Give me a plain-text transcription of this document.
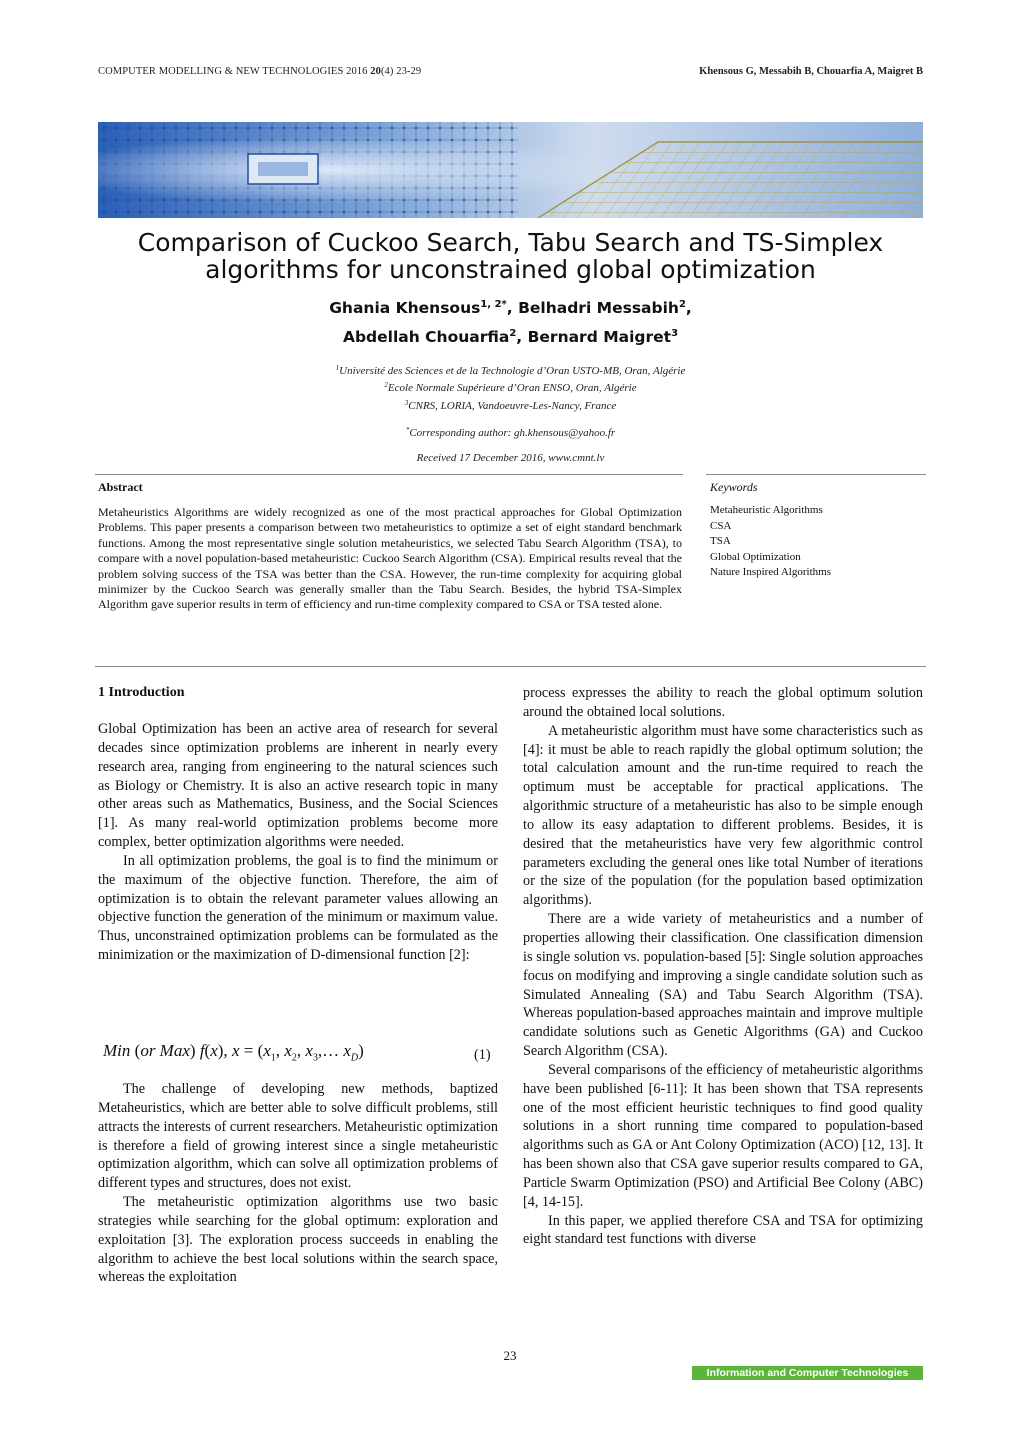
COMPUTER MODELLING & NEW TECHNOLOGIES 2016 20(4) 23-29	Khensous G, Messabih B, Chouarfia A, Maigret B
Comparison of Cuckoo Search, Tabu Search and TS-Simplex
algorithms for unconstrained global optimization
Ghania Khensous$^{1, 2*}$, Belhadri Messabih$^2$,
Abdellah Chouarfia$^2$, Bernard Maigret$^3$
$^1$Université des Sciences et de la Technologie d’Oran USTO-MB, Oran, Algérie
$^2$Ecole Normale Supérieure d’Oran ENSO, Oran, Algérie
$^3$CNRS, LORIA, Vandoeuvre-Les-Nancy, France
*Corresponding author: gh.khensous@yahoo.fr
Received 17 December 2016, www.cmnt.lv
Abstract
Metaheuristics Algorithms are widely recognized as one of the most practical approaches for Global Optimization Problems. This paper presents a comparison between two metaheuristics to optimize a set of eight standard benchmark functions. Among the most representative single solution metaheuristics, we selected Tabu Search Algorithm (TSA), to compare with a novel population-based metaheuristic: Cuckoo Search Algorithm (CSA). Empirical results reveal that the problem solving success of the TSA was better than the CSA. However, the run-time complexity for acquiring global minimizer by the Cuckoo Search was generally smaller than the Tabu Search. Besides, the hybrid TSA-Simplex Algorithm gave superior results in term of efficiency and run-time complexity compared to CSA or TSA tested alone.
Keywords
Metaheuristic Algorithms
CSA
TSA
Global Optimization
Nature Inspired Algorithms
1 Introduction

Global Optimization has been an active area of research for several decades since optimization problems are inherent in nearly every research area, ranging from engineering to the natural sciences such as Biology or Chemistry. It is also an active research topic in many other areas such as Mathematics, Business, and the Social Sciences [1]. As many real-world optimization problems become more complex, better optimization algorithms were needed.

In all optimization problems, the goal is to find the minimum or the maximum of the objective function. Therefore, the aim of optimization is to obtain the relevant parameter values allowing an objective function the generation of the minimum or maximum value. Thus, unconstrained optimization problems can be formulated as the minimization or the maximization of D-dimensional function [2]:

Min (or Max) f(x), $x = (x_1$, $x_2$, $x_3,\dots$ $x_D$)	(1)

The challenge of developing new methods, baptized Metaheuristics, which are better able to solve difficult problems, still attracts the interests of current researchers. Metaheuristic optimization is therefore a field of growing interest since a single metaheuristic optimization algorithm, which can solve all optimization problems of different types and structures, does not exist.

The metaheuristic optimization algorithms use two basic strategies while searching for the global optimum: exploration and exploitation [3]. The exploration process succeeds in enabling the algorithm to achieve the best local solutions within the search space, whereas the exploitation

process expresses the ability to reach the global optimum solution around the obtained local solutions.

A metaheuristic algorithm must have some characteristics such as [4]: it must be able to reach rapidly the global optimum solution; the total calculation amount and the run-time required to reach the optimum must be acceptable for practical applications. The algorithmic structure of a metaheuristic has also to be simple enough to allow its easy adaptation to different problems. Besides, it is desired that the metaheuristics have very few algorithmic control parameters excluding the general ones like total Number of iterations or the size of the population (for the population based optimization algorithms).

There are a wide variety of metaheuristics and a number of properties allowing their classification. One classification dimension is single solution vs. population-based [5]: Single solution approaches focus on modifying and improving a single candidate solution such as Simulated Annealing (SA) and Tabu Search Algorithm (TSA). Whereas population-based approaches maintain and improve multiple candidate solutions such as Genetic Algorithms (GA) and Cuckoo Search Algorithm (CSA).

Several comparisons of the efficiency of metaheuristic algorithms have been published [6-11]: It has been shown that TSA represents one of the most efficient heuristic techniques to find good quality solutions in a short running time compared to population-based algorithms such as GA or Ant Colony Optimization (ACO) [12, 13]. It has been shown also that CSA gave superior results compared to GA, Particle Swarm Optimization (PSO) and Artificial Bee Colony (ABC) [4, 14-15].

In this paper, we applied therefore CSA and TSA for optimizing eight standard test functions with diverse

23
Information and Computer Technologies
